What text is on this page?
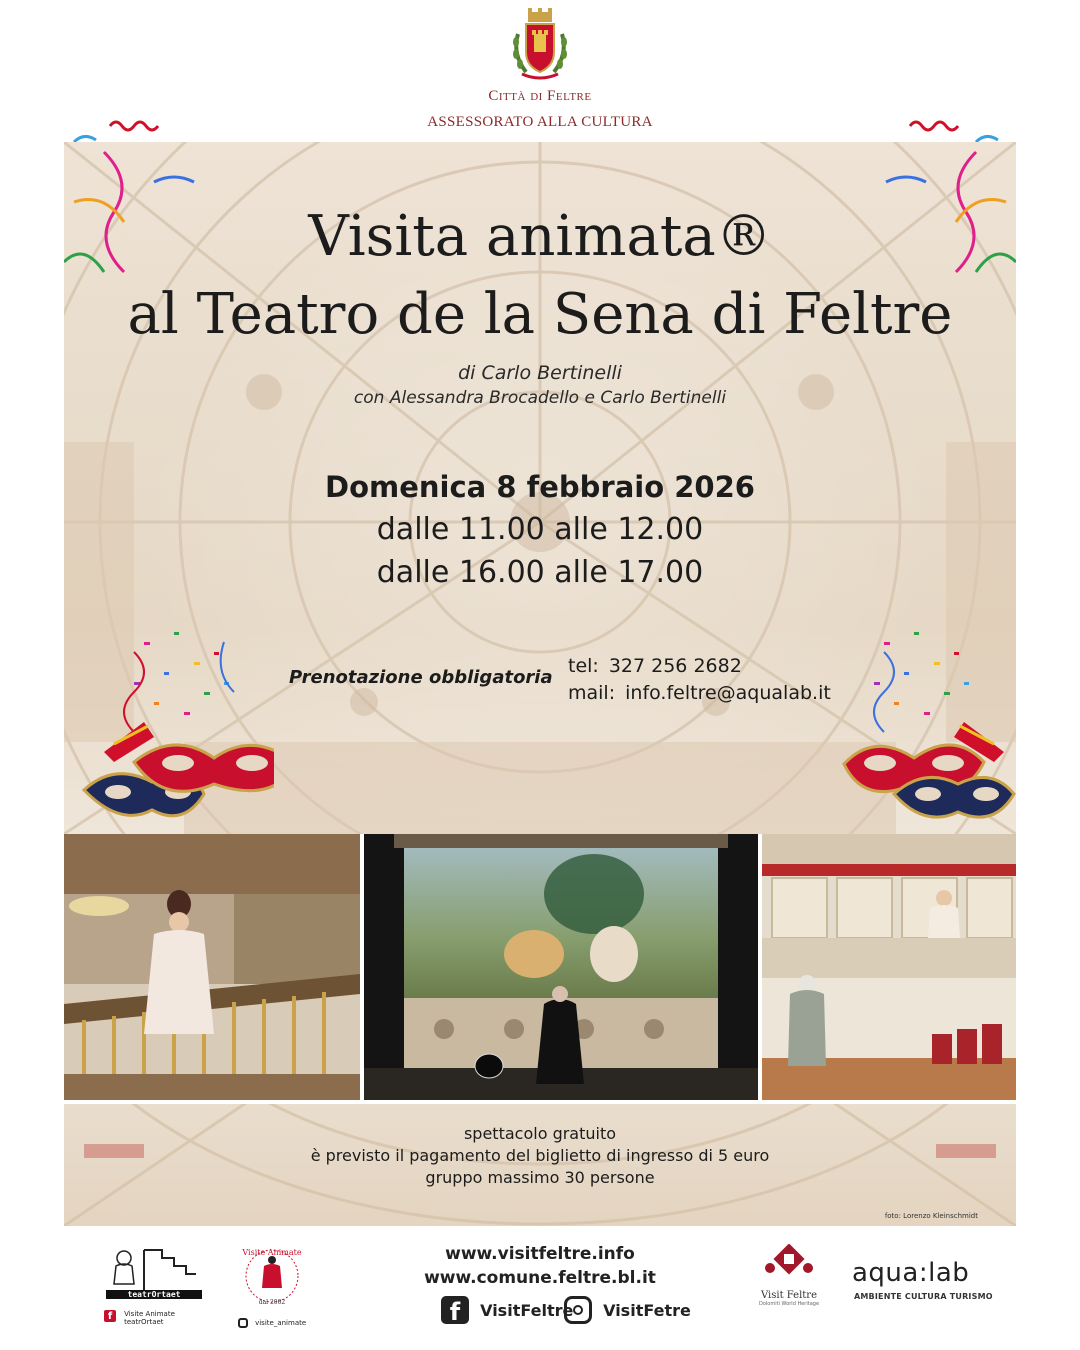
Città di Feltre
ASSESSORATO ALLA CULTURA
Visita animata®
al Teatro de la Sena di Feltre
di Carlo Bertinelli
con Alessandra Brocadello e Carlo Bertinelli
Domenica 8 febbraio 2026
dalle 11.00 alle 12.00
dalle 16.00 alle 17.00
Prenotazione obbligatoria
tel: 327 256 2682
mail: info.feltre@aqualab.it
spettacolo gratuito
è previsto il pagamento del biglietto di ingresso di 5 euro
gruppo massimo 30 persone
foto: Lorenzo Kleinschmidt
teatrOrtaet
f Visite Animate
teatrOrtaet
dal 2002
Visite Animate
visite_animate
www.visitfeltre.info
www.comune.feltre.bl.it
f VisitFeltre	VisitFetre
Visit Feltre
Dolomiti World Heritage
aqua:lab
AMBIENTE CULTURA TURISMO
